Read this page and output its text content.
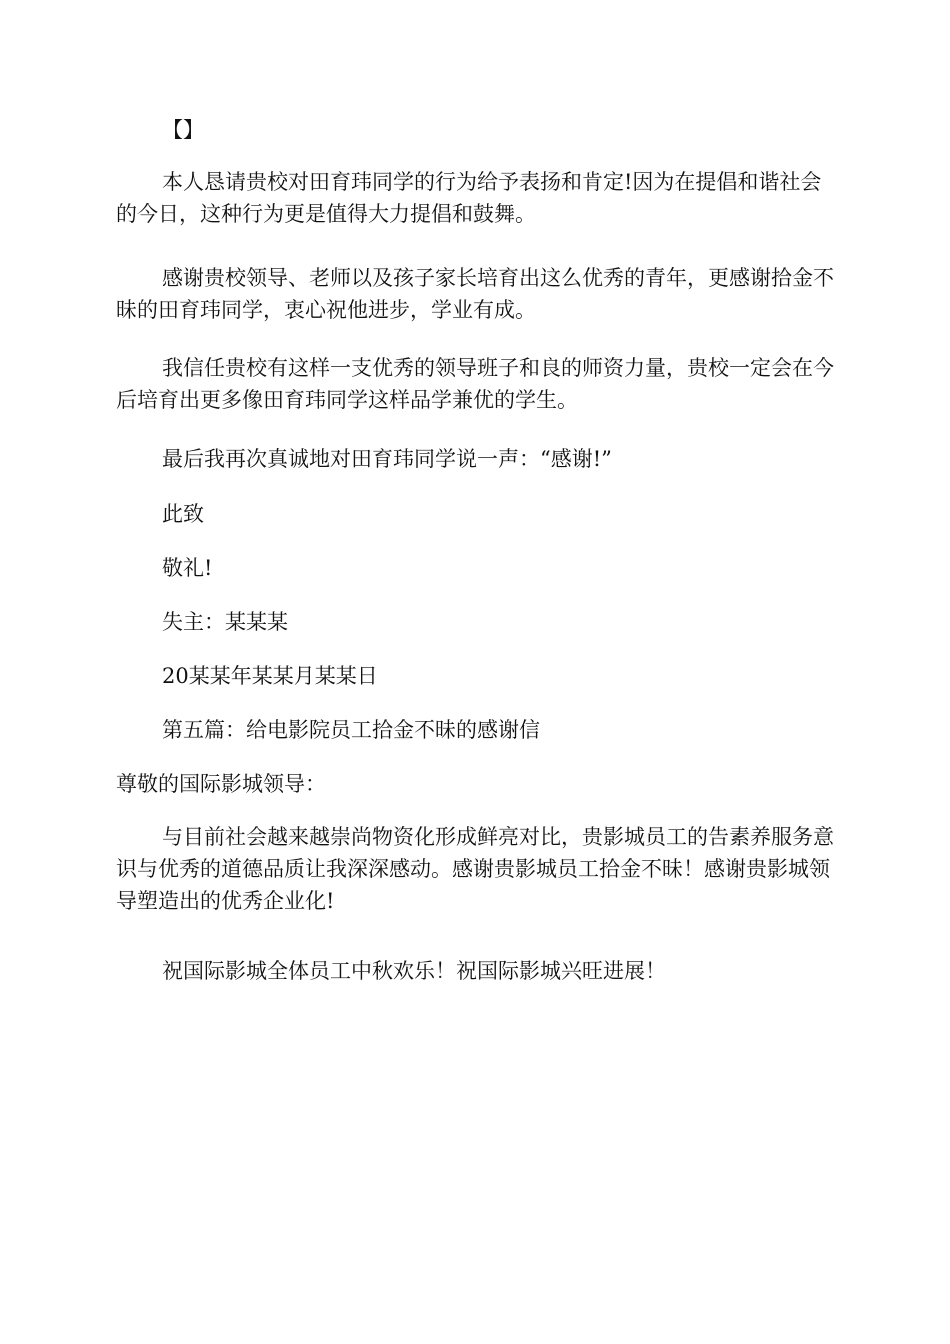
【】
本人恳请贵校对田育玮同学的行为给予表扬和肯定!因为在提倡和谐社会的今日，这种行为更是值得大力提倡和鼓舞。
感谢贵校领导、老师以及孩子家长培育出这么优秀的青年，更感谢拾金不昧的田育玮同学，衷心祝他进步，学业有成。
我信任贵校有这样一支优秀的领导班子和良的师资力量，贵校一定会在今后培育出更多像田育玮同学这样品学兼优的学生。
最后我再次真诚地对田育玮同学说一声：“感谢!”
此致
敬礼!
失主：某某某
20某某年某某月某某日
第五篇：给电影院员工拾金不昧的感谢信
尊敬的国际影城领导：
与目前社会越来越崇尚物资化形成鲜亮对比，贵影城员工的告素养服务意识与优秀的道德品质让我深深感动。感谢贵影城员工拾金不昧！感谢贵影城领导塑造出的优秀企业化!
祝国际影城全体员工中秋欢乐！祝国际影城兴旺进展！
